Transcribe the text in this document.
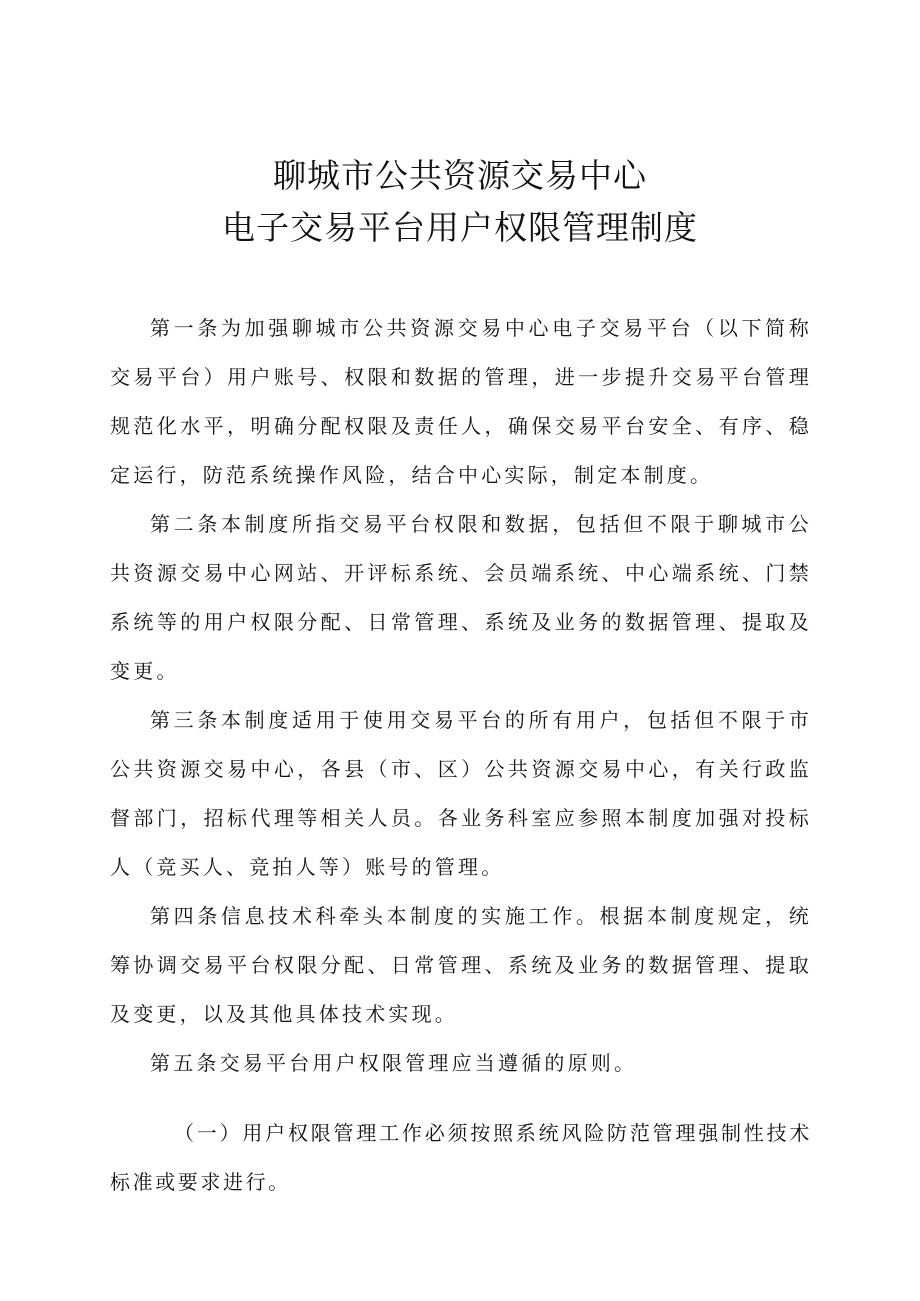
聊城市公共资源交易中心
电子交易平台用户权限管理制度

第一条为加强聊城市公共资源交易中心电子交易平台（以下简称交易平台）用户账号、权限和数据的管理，进一步提升交易平台管理规范化水平，明确分配权限及责任人，确保交易平台安全、有序、稳定运行，防范系统操作风险，结合中心实际，制定本制度。

第二条本制度所指交易平台权限和数据，包括但不限于聊城市公共资源交易中心网站、开评标系统、会员端系统、中心端系统、门禁系统等的用户权限分配、日常管理、系统及业务的数据管理、提取及变更。

第三条本制度适用于使用交易平台的所有用户，包括但不限于市公共资源交易中心，各县（市、区）公共资源交易中心，有关行政监督部门，招标代理等相关人员。各业务科室应参照本制度加强对投标人（竞买人、竞拍人等）账号的管理。

第四条信息技术科牵头本制度的实施工作。根据本制度规定，统筹协调交易平台权限分配、日常管理、系统及业务的数据管理、提取及变更，以及其他具体技术实现。

第五条交易平台用户权限管理应当遵循的原则。

（一）用户权限管理工作必须按照系统风险防范管理强制性技术标准或要求进行。
